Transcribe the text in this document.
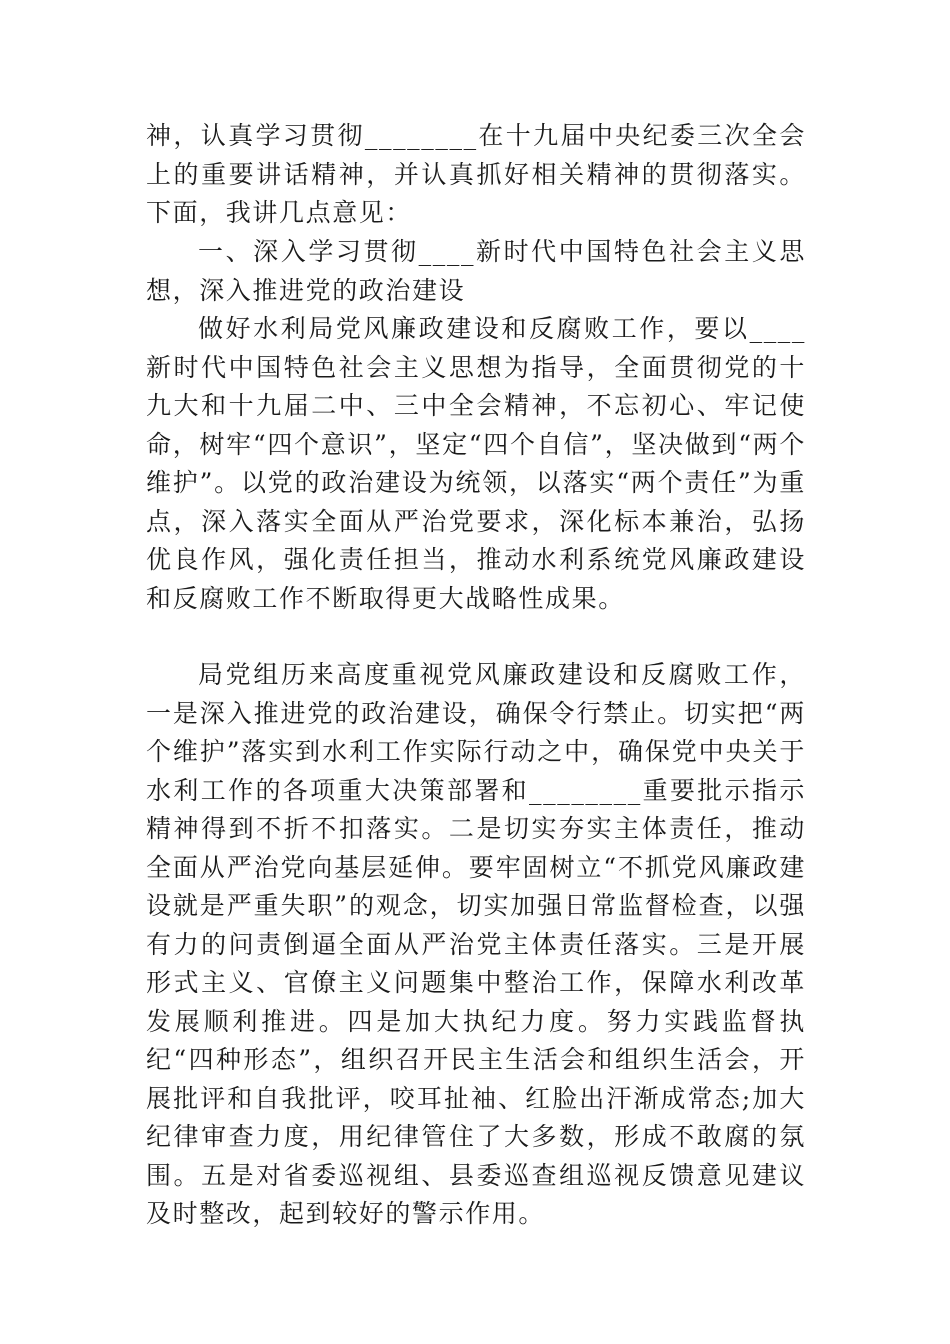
神，认真学习贯彻________在十九届中央纪委三次全会上的重要讲话精神，并认真抓好相关精神的贯彻落实。下面，我讲几点意见：

一、深入学习贯彻____新时代中国特色社会主义思想，深入推进党的政治建设

做好水利局党风廉政建设和反腐败工作，要以____新时代中国特色社会主义思想为指导，全面贯彻党的十九大和十九届二中、三中全会精神，不忘初心、牢记使命，树牢“四个意识”，坚定“四个自信”，坚决做到“两个维护”。以党的政治建设为统领，以落实“两个责任”为重点，深入落实全面从严治党要求，深化标本兼治，弘扬优良作风，强化责任担当，推动水利系统党风廉政建设和反腐败工作不断取得更大战略性成果。

局党组历来高度重视党风廉政建设和反腐败工作，一是深入推进党的政治建设，确保令行禁止。切实把“两个维护”落实到水利工作实际行动之中，确保党中央关于水利工作的各项重大决策部署和________重要批示指示精神得到不折不扣落实。二是切实夯实主体责任，推动全面从严治党向基层延伸。要牢固树立“不抓党风廉政建设就是严重失职”的观念，切实加强日常监督检查，以强有力的问责倒逼全面从严治党主体责任落实。三是开展形式主义、官僚主义问题集中整治工作，保障水利改革发展顺利推进。四是加大执纪力度。努力实践监督执纪“四种形态”，组织召开民主生活会和组织生活会，开展批评和自我批评，咬耳扯袖、红脸出汗渐成常态;加大纪律审查力度，用纪律管住了大多数，形成不敢腐的氛围。五是对省委巡视组、县委巡查组巡视反馈意见建议及时整改，起到较好的警示作用。
